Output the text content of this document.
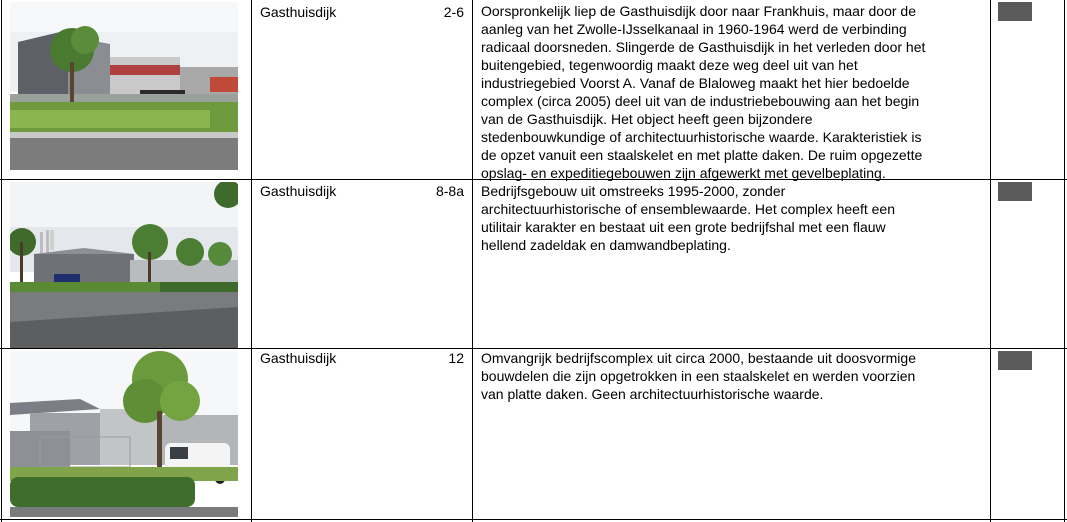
Gasthuisdijk	2-6 Oorspronkelijk liep de Gasthuisdijk door naar Frankhuis, maar door de
aanleg van het Zwolle-IJsselkanaal in 1960-1964 werd de verbinding
radicaal doorsneden. Slingerde de Gasthuisdijk in het verleden door het
buitengebied, tegenwoordig maakt deze weg deel uit van het
industriegebied Voorst A. Vanaf de Blaloweg maakt het hier bedoelde
complex (circa 2005) deel uit van de industriebebouwing aan het begin
van de Gasthuisdijk. Het object heeft geen bijzondere
stedenbouwkundige of architectuurhistorische waarde. Karakteristiek is
de opzet vanuit een staalskelet en met platte daken. De ruim opgezette
opslag- en expeditiegebouwen zijn afgewerkt met gevelbeplating.
Gasthuisdijk	8-8a Bedrijfsgebouw uit omstreeks 1995-2000, zonder
architectuurhistorische of ensemblewaarde. Het complex heeft een
utilitair karakter en bestaat uit een grote bedrijfshal met een flauw
hellend zadeldak en damwandbeplating.
Gasthuisdijk	12 Omvangrijk bedrijfscomplex uit circa 2000, bestaande uit doosvormige
bouwdelen die zijn opgetrokken in een staalskelet en werden voorzien
van platte daken. Geen architectuurhistorische waarde.
